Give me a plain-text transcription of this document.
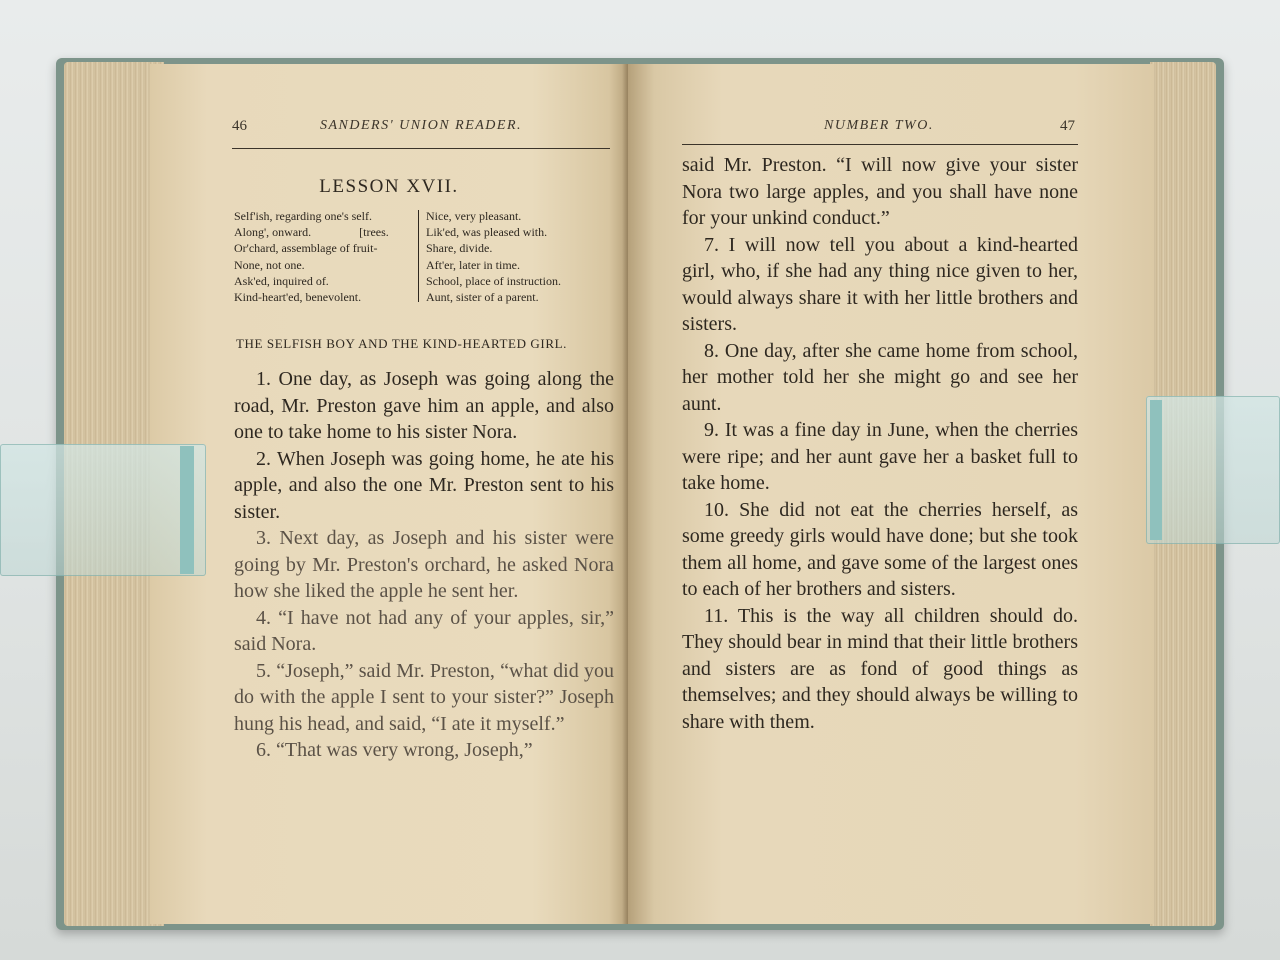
46	SANDERS' UNION READER.
LESSON XVII.
Self'ish, regarding one's self.
Along', onward.                [trees.
Or'chard, assemblage of fruit-
None, not one.
Ask'ed, inquired of.
Kind-heart'ed, benevolent.
Nice, very pleasant.
Lik'ed, was pleased with.
Share, divide.
Aft'er, later in time.
School, place of instruction.
Aunt, sister of a parent.
THE SELFISH BOY AND THE KIND-HEARTED GIRL.

1. One day, as Joseph was going along the road, Mr. Preston gave him an apple, and also one to take home to his sister Nora.

2. When Joseph was going home, he ate his apple, and also the one Mr. Preston sent to his sister.

3. Next day, as Joseph and his sister were going by Mr. Preston's orchard, he asked Nora how she liked the apple he sent her.

4. “I have not had any of your apples, sir,” said Nora.

5. “Joseph,” said Mr. Preston, “what did you do with the apple I sent to your sister?” Joseph hung his head, and said, “I ate it myself.”

6. “That was very wrong, Joseph,”

NUMBER TWO.	47

said Mr. Preston. “I will now give your sister Nora two large apples, and you shall have none for your unkind conduct.”

7. I will now tell you about a kind-hearted girl, who, if she had any thing nice given to her, would always share it with her little brothers and sisters.

8. One day, after she came home from school, her mother told her she might go and see her aunt.

9. It was a fine day in June, when the cherries were ripe; and her aunt gave her a basket full to take home.

10. She did not eat the cherries herself, as some greedy girls would have done; but she took them all home, and gave some of the largest ones to each of her brothers and sisters.

11. This is the way all children should do. They should bear in mind that their little brothers and sisters are as fond of good things as themselves; and they should always be willing to share with them.
